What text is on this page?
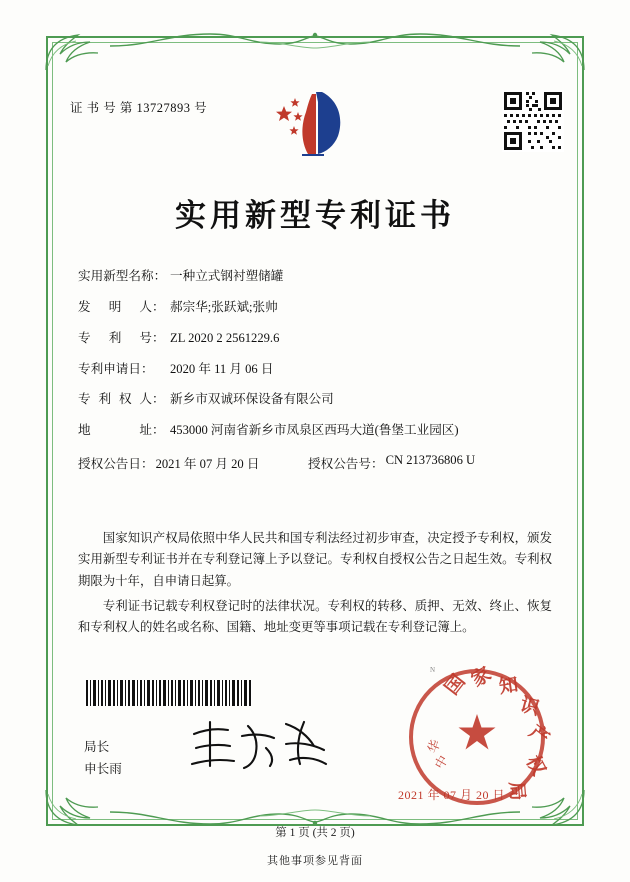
证 书 号 第 13727893 号
实用新型专利证书
实用新型名称： 一种立式钢衬塑储罐
发明人： 郝宗华;张跃斌;张帅
专利号： ZL 2020 2 2561229.6
专利申请日：	2020 年 11 月 06 日
专利权人： 新乡市双诚环保设备有限公司
地址： 453000 河南省新乡市凤泉区西玛大道(鲁堡工业园区)
授权公告日： 2021 年 07 月 20 日	授权公告号： CN 213736806 U

国家知识产权局依照中华人民共和国专利法经过初步审查，决定授予专利权，颁发实用新型专利证书并在专利登记簿上予以登记。专利权自授权公告之日起生效。专利权期限为十年，自申请日起算。

专利证书记载专利权登记时的法律状况。专利权的转移、质押、无效、终止、恢复和专利权人的姓名或名称、国籍、地址变更等事项记载在专利登记簿上。

N
国
家 知
识
产
权
局
中
华
2021 年 07 月 20 日
局长
申长雨
第 1 页 (共 2 页)
其他事项参见背面
